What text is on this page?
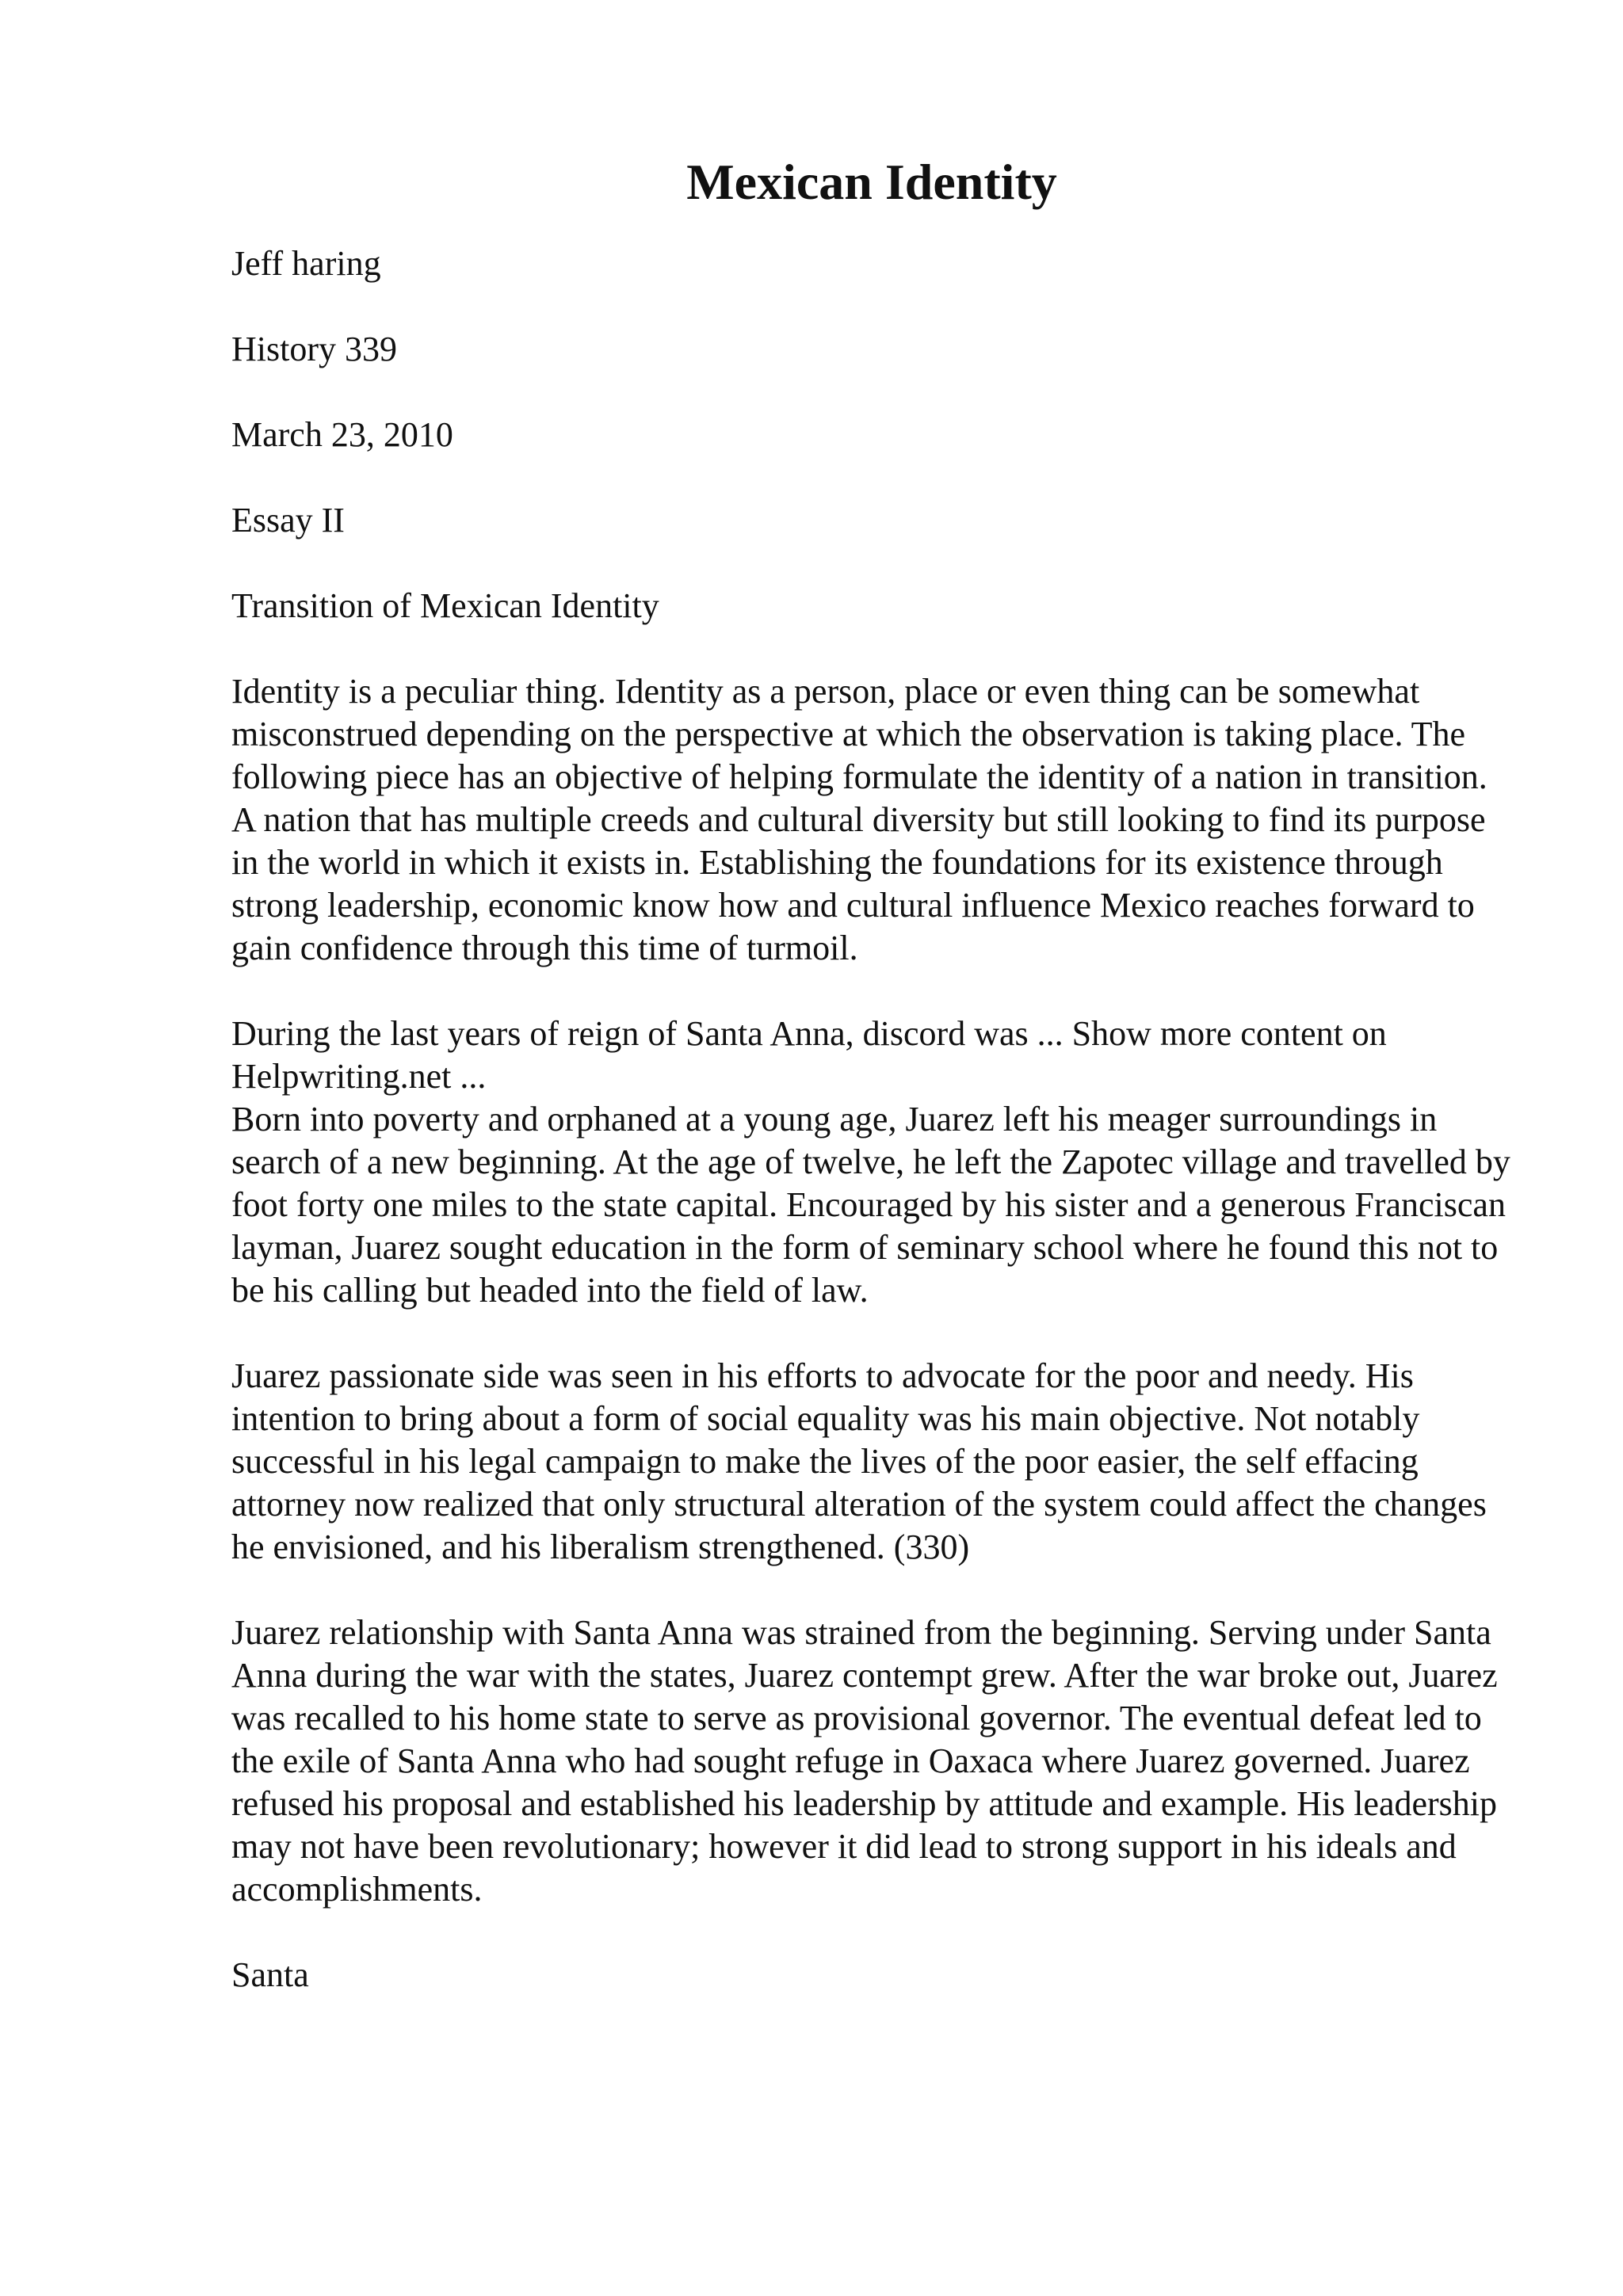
Mexican Identity

Jeff haring

History 339

March 23, 2010

Essay II

Transition of Mexican Identity

Identity is a peculiar thing. Identity as a person, place or even thing can be somewhat misconstrued depending on the perspective at which the observation is taking place. The following piece has an objective of helping formulate the identity of a nation in transition. A nation that has multiple creeds and cultural diversity but still looking to find its purpose in the world in which it exists in. Establishing the foundations for its existence through strong leadership, economic know how and cultural influence Mexico reaches forward to gain confidence through this time of turmoil.

During the last years of reign of Santa Anna, discord was ... Show more content on Helpwriting.net ...

Born into poverty and orphaned at a young age, Juarez left his meager surroundings in search of a new beginning. At the age of twelve, he left the Zapotec village and travelled by foot forty one miles to the state capital. Encouraged by his sister and a generous Franciscan layman, Juarez sought education in the form of seminary school where he found this not to be his calling but headed into the field of law.

Juarez passionate side was seen in his efforts to advocate for the poor and needy. His intention to bring about a form of social equality was his main objective. Not notably successful in his legal campaign to make the lives of the poor easier, the self effacing attorney now realized that only structural alteration of the system could affect the changes he envisioned, and his liberalism strengthened. (330)

Juarez relationship with Santa Anna was strained from the beginning. Serving under Santa Anna during the war with the states, Juarez contempt grew. After the war broke out, Juarez was recalled to his home state to serve as provisional governor. The eventual defeat led to the exile of Santa Anna who had sought refuge in Oaxaca where Juarez governed. Juarez refused his proposal and established his leadership by attitude and example. His leadership may not have been revolutionary; however it did lead to strong support in his ideals and accomplishments.

Santa
